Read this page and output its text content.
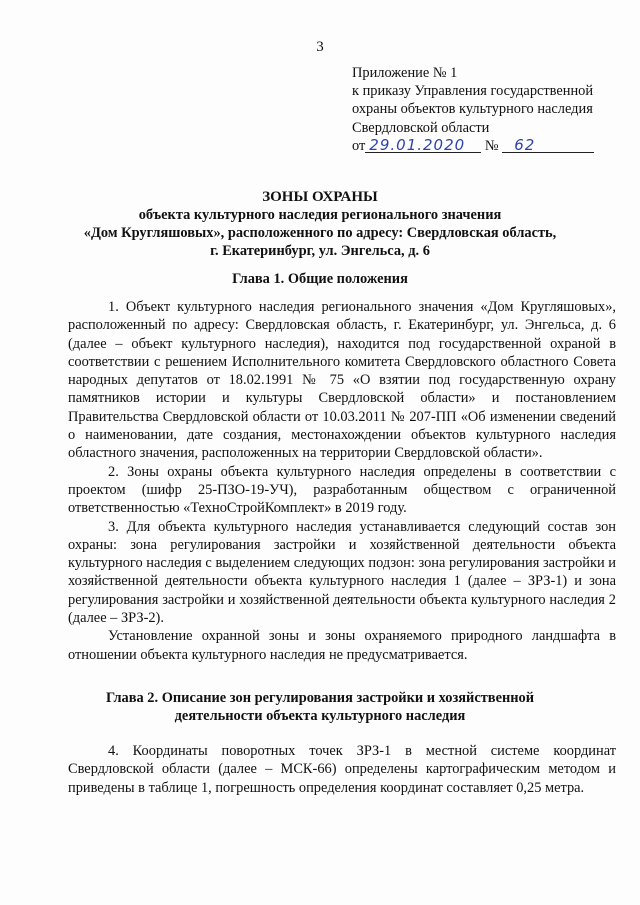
3
Приложение № 1
к приказу Управления государственной
охраны объектов культурного наследия
Свердловской области
от 29.01.2020 № 62
ЗОНЫ ОХРАНЫ
объекта культурного наследия регионального значения
«Дом Кругляшовых», расположенного по адресу: Свердловская область,
г. Екатеринбург, ул. Энгельса, д. 6
Глава 1. Общие положения

1. Объект культурного наследия регионального значения «Дом Кругляшовых», расположенный по адресу: Свердловская область, г. Екатеринбург, ул. Энгельса, д. 6 (далее – объект культурного наследия), находится под государственной охраной в соответствии с решением Исполнительного комитета Свердловского областного Совета народных депутатов от 18.02.1991 № 75 «О взятии под государственную охрану памятников истории и культуры Свердловской области» и постановлением Правительства Свердловской области от 10.03.2011 № 207-ПП «Об изменении сведений о наименовании, дате создания, местонахождении объектов культурного наследия областного значения, расположенных на территории Свердловской области».

2. Зоны охраны объекта культурного наследия определены в соответствии с проектом (шифр 25-ПЗО-19-УЧ), разработанным обществом с ограниченной ответственностью «ТехноСтройКомплект» в 2019 году.

3. Для объекта культурного наследия устанавливается следующий состав зон охраны: зона регулирования застройки и хозяйственной деятельности объекта культурного наследия с выделением следующих подзон: зона регулирования застройки и хозяйственной деятельности объекта культурного наследия 1 (далее – ЗРЗ-1) и зона регулирования застройки и хозяйственной деятельности объекта культурного наследия 2 (далее – ЗРЗ-2).

Установление охранной зоны и зоны охраняемого природного ландшафта в отношении объекта культурного наследия не предусматривается.

Глава 2. Описание зон регулирования застройки и хозяйственной
деятельности объекта культурного наследия

4. Координаты поворотных точек ЗРЗ-1 в местной системе координат Свердловской области (далее – МСК-66) определены картографическим методом и приведены в таблице 1, погрешность определения координат составляет 0,25 метра.
